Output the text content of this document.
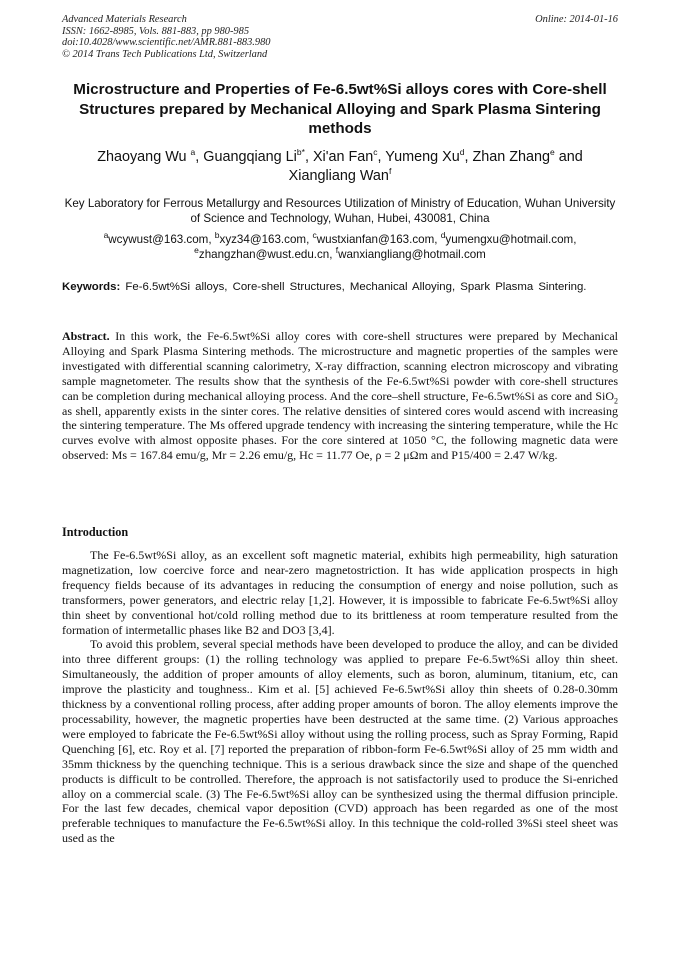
Advanced Materials Research
ISSN: 1662-8985, Vols. 881-883, pp 980-985
doi:10.4028/www.scientific.net/AMR.881-883.980
© 2014 Trans Tech Publications Ltd, Switzerland
Online: 2014-01-16
Microstructure and Properties of Fe-6.5wt%Si alloys cores with Core-shell Structures prepared by Mechanical Alloying and Spark Plasma Sintering methods
Zhaoyang Wu $^a$, Guangqiang $Li^{b*}$, Xi'an Fan$^c$, Yumeng Xu$^d$, Zhan Zhang$^e$ and Xiangliang Wan$^f$
Key Laboratory for Ferrous Metallurgy and Resources Utilization of Ministry of Education, Wuhan University of Science and Technology, Wuhan, Hubei, 430081, China
$^a$wcywust@163.com, $^b$xyz34@163.com, $^c$wustxianfan@163.com, $^d$yumengxu@hotmail.com,
$^e$zhangzhan@wust.edu.cn, $^f$wanxiangliang@hotmail.com
Keywords: Fe-6.5wt%Si alloys, Core-shell Structures, Mechanical Alloying, Spark Plasma Sintering.
Abstract. In this work, the Fe-6.5wt%Si alloy cores with core-shell structures were prepared by Mechanical Alloying and Spark Plasma Sintering methods. The microstructure and magnetic properties of the samples were investigated with differential scanning calorimetry, X-ray diffraction, scanning electron microscopy and vibrating sample magnetometer. The results show that the synthesis of the Fe-6.5wt%Si powder with core-shell structures can be completion during mechanical alloying process. And the core–shell structure, Fe-6.5wt%Si as core and SiO$_2$ as shell, apparently exists in the sinter cores. The relative densities of sintered cores would ascend with increasing the sintering temperature. The Ms offered upgrade tendency with increasing the sintering temperature, while the Hc curves evolve with almost opposite phases. For the core sintered at 1050 °C, the following magnetic data were observed: Ms = 167.84 emu/g, Mr = 2.26 emu/g, Hc = 11.77 Oe, ρ = 2 μΩm and P15/400 = 2.47 W/kg.
Introduction

The Fe-6.5wt%Si alloy, as an excellent soft magnetic material, exhibits high permeability, high saturation magnetization, low coercive force and near-zero magnetostriction. It has wide application prospects in high frequency fields because of its advantages in reducing the consumption of energy and noise pollution, such as transformers, power generators, and electric relay [1,2]. However, it is impossible to fabricate Fe-6.5wt%Si alloy thin sheet by conventional hot/cold rolling method due to its brittleness at room temperature resulted from the formation of intermetallic phases like B2 and DO3 [3,4].

To avoid this problem, several special methods have been developed to produce the alloy, and can be divided into three different groups: (1) the rolling technology was applied to prepare Fe-6.5wt%Si alloy thin sheet. Simultaneously, the addition of proper amounts of alloy elements, such as boron, aluminum, titanium, etc, can improve the plasticity and toughness.. Kim et al. [5] achieved Fe-6.5wt%Si alloy thin sheets of 0.28-0.30mm thickness by a conventional rolling process, after adding proper amounts of boron. The alloy elements improve the processability, however, the magnetic properties have been destructed at the same time. (2) Various approaches were employed to fabricate the Fe-6.5wt%Si alloy without using the rolling process, such as Spray Forming, Rapid Quenching [6], etc. Roy et al. [7] reported the preparation of ribbon-form Fe-6.5wt%Si alloy of 25 mm width and 35mm thickness by the quenching technique. This is a serious drawback since the size and shape of the quenched products is difficult to be controlled. Therefore, the approach is not satisfactorily used to produce the Si-enriched alloy on a commercial scale. (3) The Fe-6.5wt%Si alloy can be synthesized using the thermal diffusion principle. For the last few decades, chemical vapor deposition (CVD) approach has been regarded as one of the most preferable techniques to manufacture the Fe-6.5wt%Si alloy. In this technique the cold-rolled 3%Si steel sheet was used as the
